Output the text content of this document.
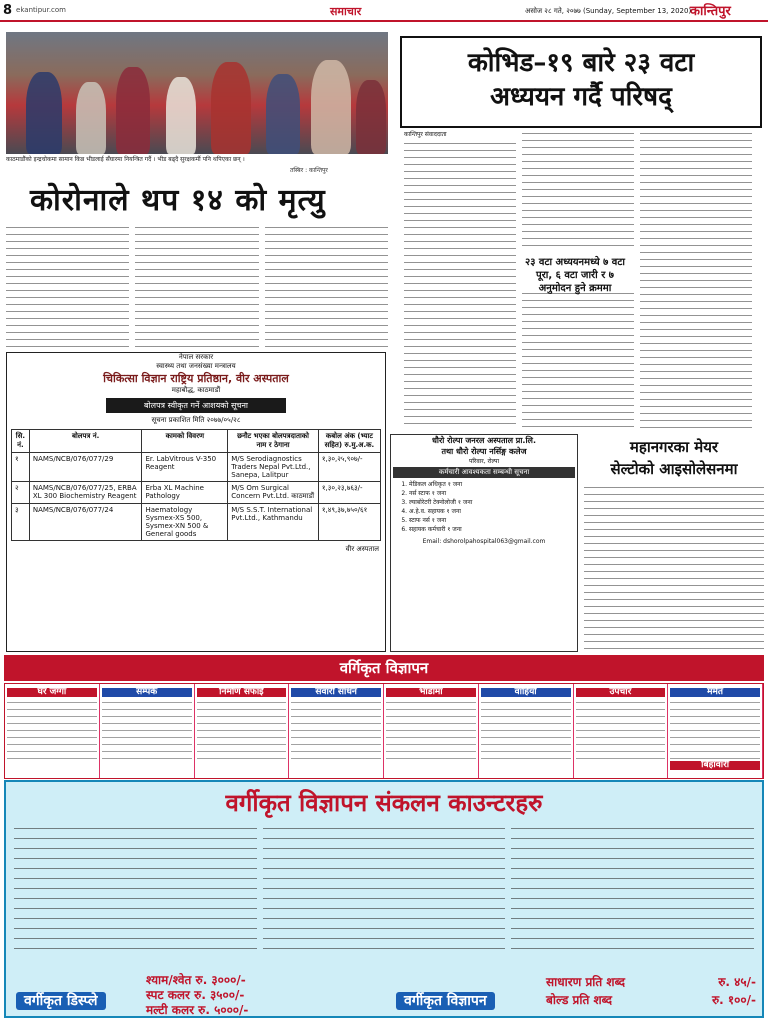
8 ekantipur.com	समाचार	असोज २८ गते, २०७७ (Sunday, September 13, 2020)
कान्तिपुर
काठमाडौंको इन्द्रचोकमा सामान किन्न भीडलाई सँघारमा नियन्त्रित गर्दै । भीड बढ्दै सुरक्षकर्मी पनि थपिएका छन् ।
तस्बिर : कान्तिपुर
कोरोनाले थप १४ को मृत्यु
कोभिड–१९ बारे २३ वटा
अध्ययन गर्दै परिषद्
कान्तिपुर संवाददाता
२३ वटा अध्ययनमध्ये ७ वटा पूरा, ६ वटा जारी र ७ अनुमोदन हुने क्रममा
नेपाल सरकार
स्वास्थ्य तथा जनसंख्या मन्त्रालय
चिकित्सा विज्ञान राष्ट्रिय प्रतिष्ठान, वीर अस्पताल
महाबौद्ध, काठमाडौं
बोलपत्र स्वीकृत गर्ने आशयको सूचना
सूचना प्रकाशित मिति २०७७/०५/२८
सि. नं.	बोलपत्र नं.	कामको विवरण	छनौट भएका बोलपत्रदाताको नाम र ठेगाना	कबोल अंक (भ्याट सहित) रु.मु.अ.क.
१	NAMS/NCB/076/077/29	Er. LabVitrous V-350 Reagent	M/S Serodiagnostics Traders Nepal Pvt.Ltd., Sanepa, Lalitpur	१,३०,२५,९०७/-
२	NAMS/NCB/076/077/25, ERBA XL 300 Biochemistry Reagent	Erba XL Machine Pathology	M/S Om Surgical Concern Pvt.Ltd. काठमाडौं	१,३०,२३,७६३/-
३	NAMS/NCB/076/077/24	Haematology Sysmex-XS 500, Sysmex-XN 500 & General goods	M/S S.S.T. International Pvt.Ltd., Kathmandu	१,४९,३७,७५०/६१
वीर अस्पताल
धौरो रोल्पा जनरल अस्पताल प्रा.लि.
तथा धौरो रोल्पा नर्सिङ्ग कलेज
परिवार, रोल्पा
कर्मचारी आवश्यकता सम्बन्धी सूचना
1. मेडिकल अधिकृत १ जना
2. नर्स स्टाफ १ जना
3. ल्याबोरेटरी टेक्नोलोजी १ जना
4. अ.हे.व. सहायक १ जना
5. स्टाफ नर्स १ जना
6. सहायक कर्मचारी १ जना
Email: dshorolpahospital063@gmail.com
महानगरका मेयर
सेल्टोको आइसोलेसनमा
वर्गिकृत विज्ञापन
घर जग्गा	सम्पर्क	निर्माण सफाई	सवारी साधन	भाडामा	वाहियो	उपचार	मर्मत
बिहावारी
वर्गीकृत विज्ञापन संकलन काउन्टरहरु
वर्गीकृत डिस्प्ले
श्याम/श्वेत रु. ३०००/-
स्पट कलर रु. ३५००/-
मल्टी कलर रु. ५०००/-
वर्गीकृत विज्ञापन
साधारण प्रति शब्द	रु. ४५/-
बोल्ड प्रति शब्द	रु. १००/-
